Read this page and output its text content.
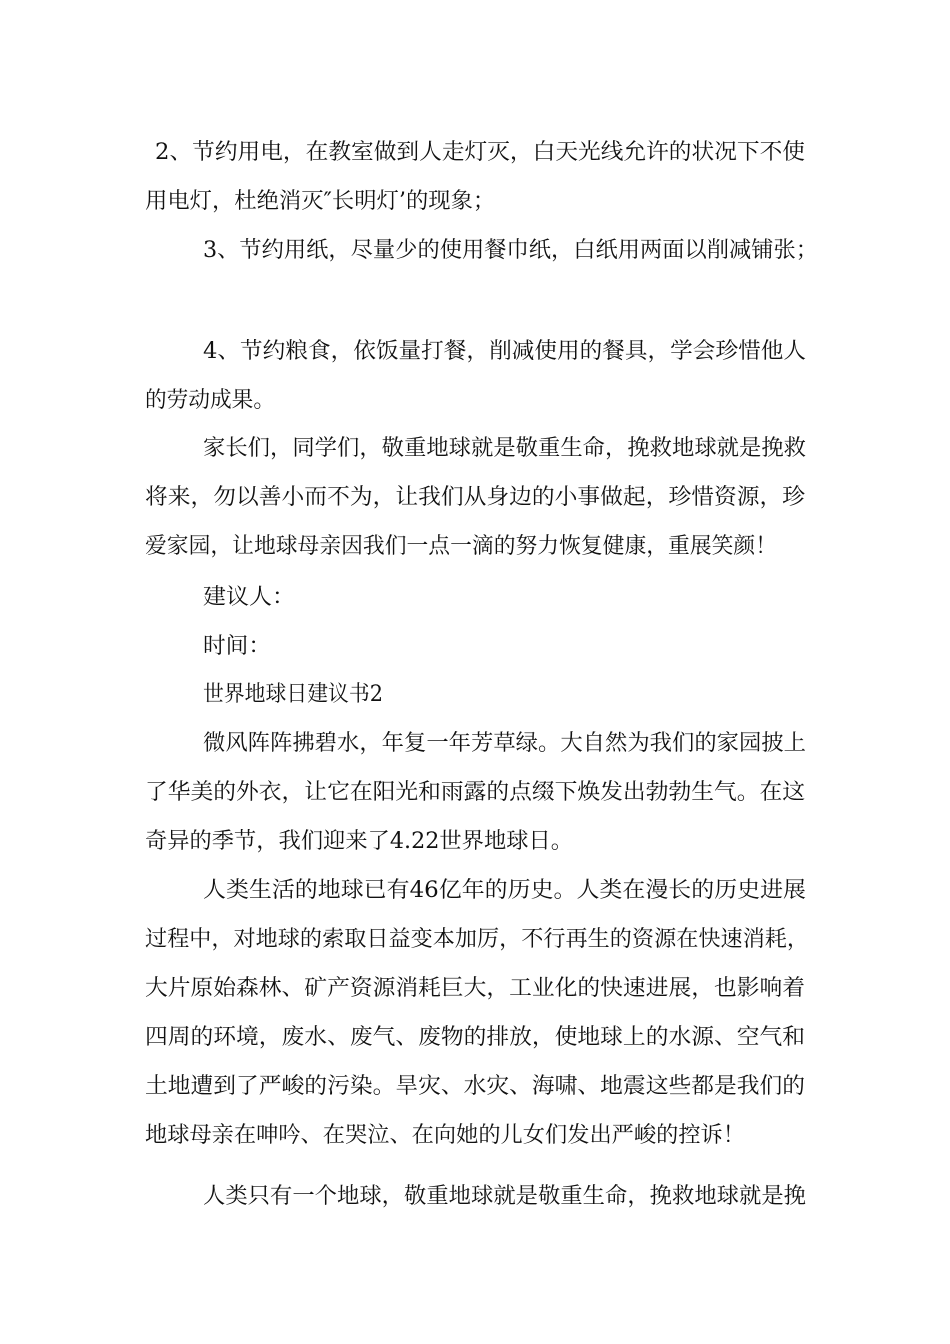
2、节约用电，在教室做到人走灯灭，白天光线允许的状况下不使
用电灯，杜绝消灭″长明灯’的现象；
3、节约用纸，尽量少的使用餐巾纸，白纸用两面以削减铺张；
4、节约粮食，依饭量打餐，削减使用的餐具，学会珍惜他人
的劳动成果。
家长们，同学们，敬重地球就是敬重生命，挽救地球就是挽救
将来，勿以善小而不为，让我们从身边的小事做起，珍惜资源，珍
爱家园，让地球母亲因我们一点一滴的努力恢复健康，重展笑颜！
建议人：
时间：
世界地球日建议书2
微风阵阵拂碧水，年复一年芳草绿。大自然为我们的家园披上
了华美的外衣，让它在阳光和雨露的点缀下焕发出勃勃生气。在这
奇异的季节，我们迎来了4.22世界地球日。
人类生活的地球已有46亿年的历史。人类在漫长的历史进展
过程中，对地球的索取日益变本加厉，不行再生的资源在快速消耗，
大片原始森林、矿产资源消耗巨大，工业化的快速进展，也影响着
四周的环境，废水、废气、废物的排放，使地球上的水源、空气和
土地遭到了严峻的污染。旱灾、水灾、海啸、地震这些都是我们的
地球母亲在呻吟、在哭泣、在向她的儿女们发出严峻的控诉！
人类只有一个地球，敬重地球就是敬重生命，挽救地球就是挽
